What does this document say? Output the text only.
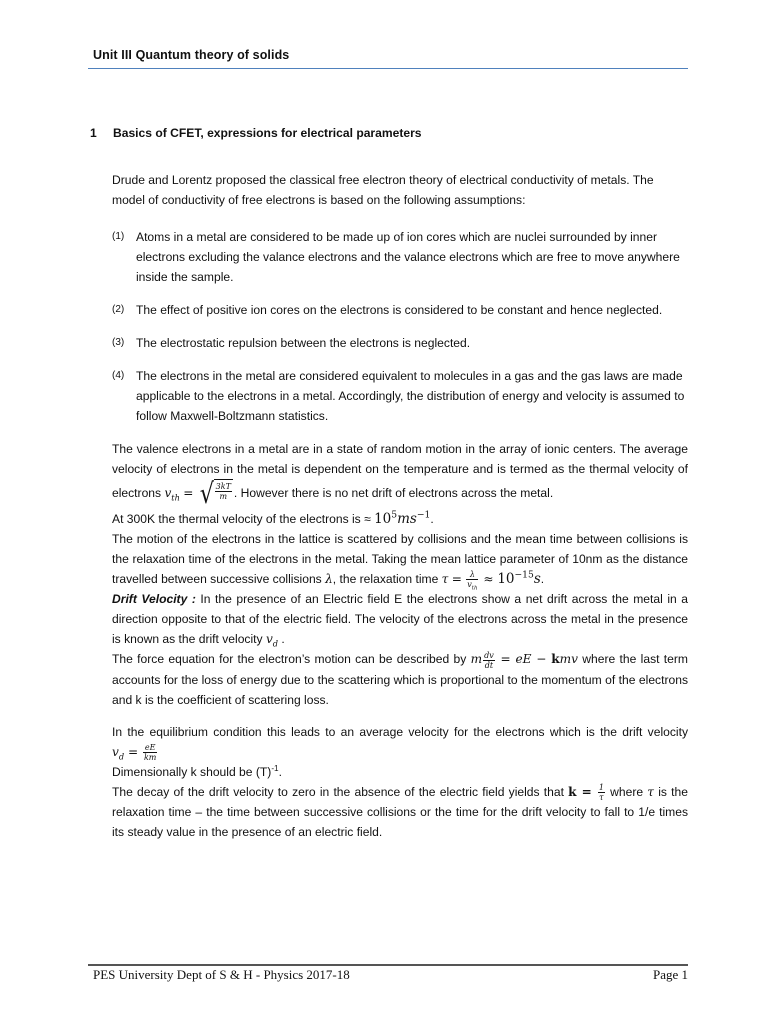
Unit III Quantum theory of solids
1 Basics of CFET, expressions for electrical parameters

Drude and Lorentz proposed the classical free electron theory of electrical conductivity of metals. The model of conductivity of free electrons is based on the following assumptions:

(1) Atoms in a metal are considered to be made up of ion cores which are nuclei surrounded by inner electrons excluding the valance electrons and the valance electrons which are free to move anywhere inside the sample.
(2) The effect of positive ion cores on the electrons is considered to be constant and hence neglected.
(3) The electrostatic repulsion between the electrons is neglected.
(4) The electrons in the metal are considered equivalent to molecules in a gas and the gas laws are made applicable to the electrons in a metal. Accordingly, the distribution of energy and velocity is assumed to follow Maxwell-Boltzmann statistics.

The valence electrons in a metal are in a state of random motion in the array of ionic centers. The average velocity of electrons in the metal is dependent on the temperature and is termed as the thermal velocity of electrons $v_{th}$ = √ $\frac{3kT}{m}$ . However there is no net drift of electrons across the metal.

At 300K the thermal velocity of the electrons is ≈ $10^5ms^{-1}$.

The motion of the electrons in the lattice is scattered by collisions and the mean time between collisions is the relaxation time of the electrons in the metal. Taking the mean lattice parameter of 10nm as the distance travelled between successive collisions λ, the relaxation time $\tau = \frac{\lambda}{v_{th}} \approx 10^{-15}s$.

Drift Velocity : In the presence of an Electric field E the electrons show a net drift across the metal in a direction opposite to that of the electric field. The velocity of the electrons across the metal in the presence is known as the drift velocity $v_d$ .

The force equation for the electron’s motion can be described by m $\frac{dv}{dt}$ = eE − kmv where the last term accounts for the loss of energy due to the scattering which is proportional to the momentum of the electrons and k is the coefficient of scattering loss.

In the equilibrium condition this leads to an average velocity for the electrons which is the drift velocity $v_d = \frac{eE}{km}$

Dimensionally k should be $(T)^{-1}$.

The decay of the drift velocity to zero in the absence of the electric field yields that $k = \frac{1}{\tau}$ where τ is the relaxation time – the time between successive collisions or the time for the drift velocity to fall to 1/e times its steady value in the presence of an electric field.

PES University Dept of S & H - Physics 2017-18	Page 1
